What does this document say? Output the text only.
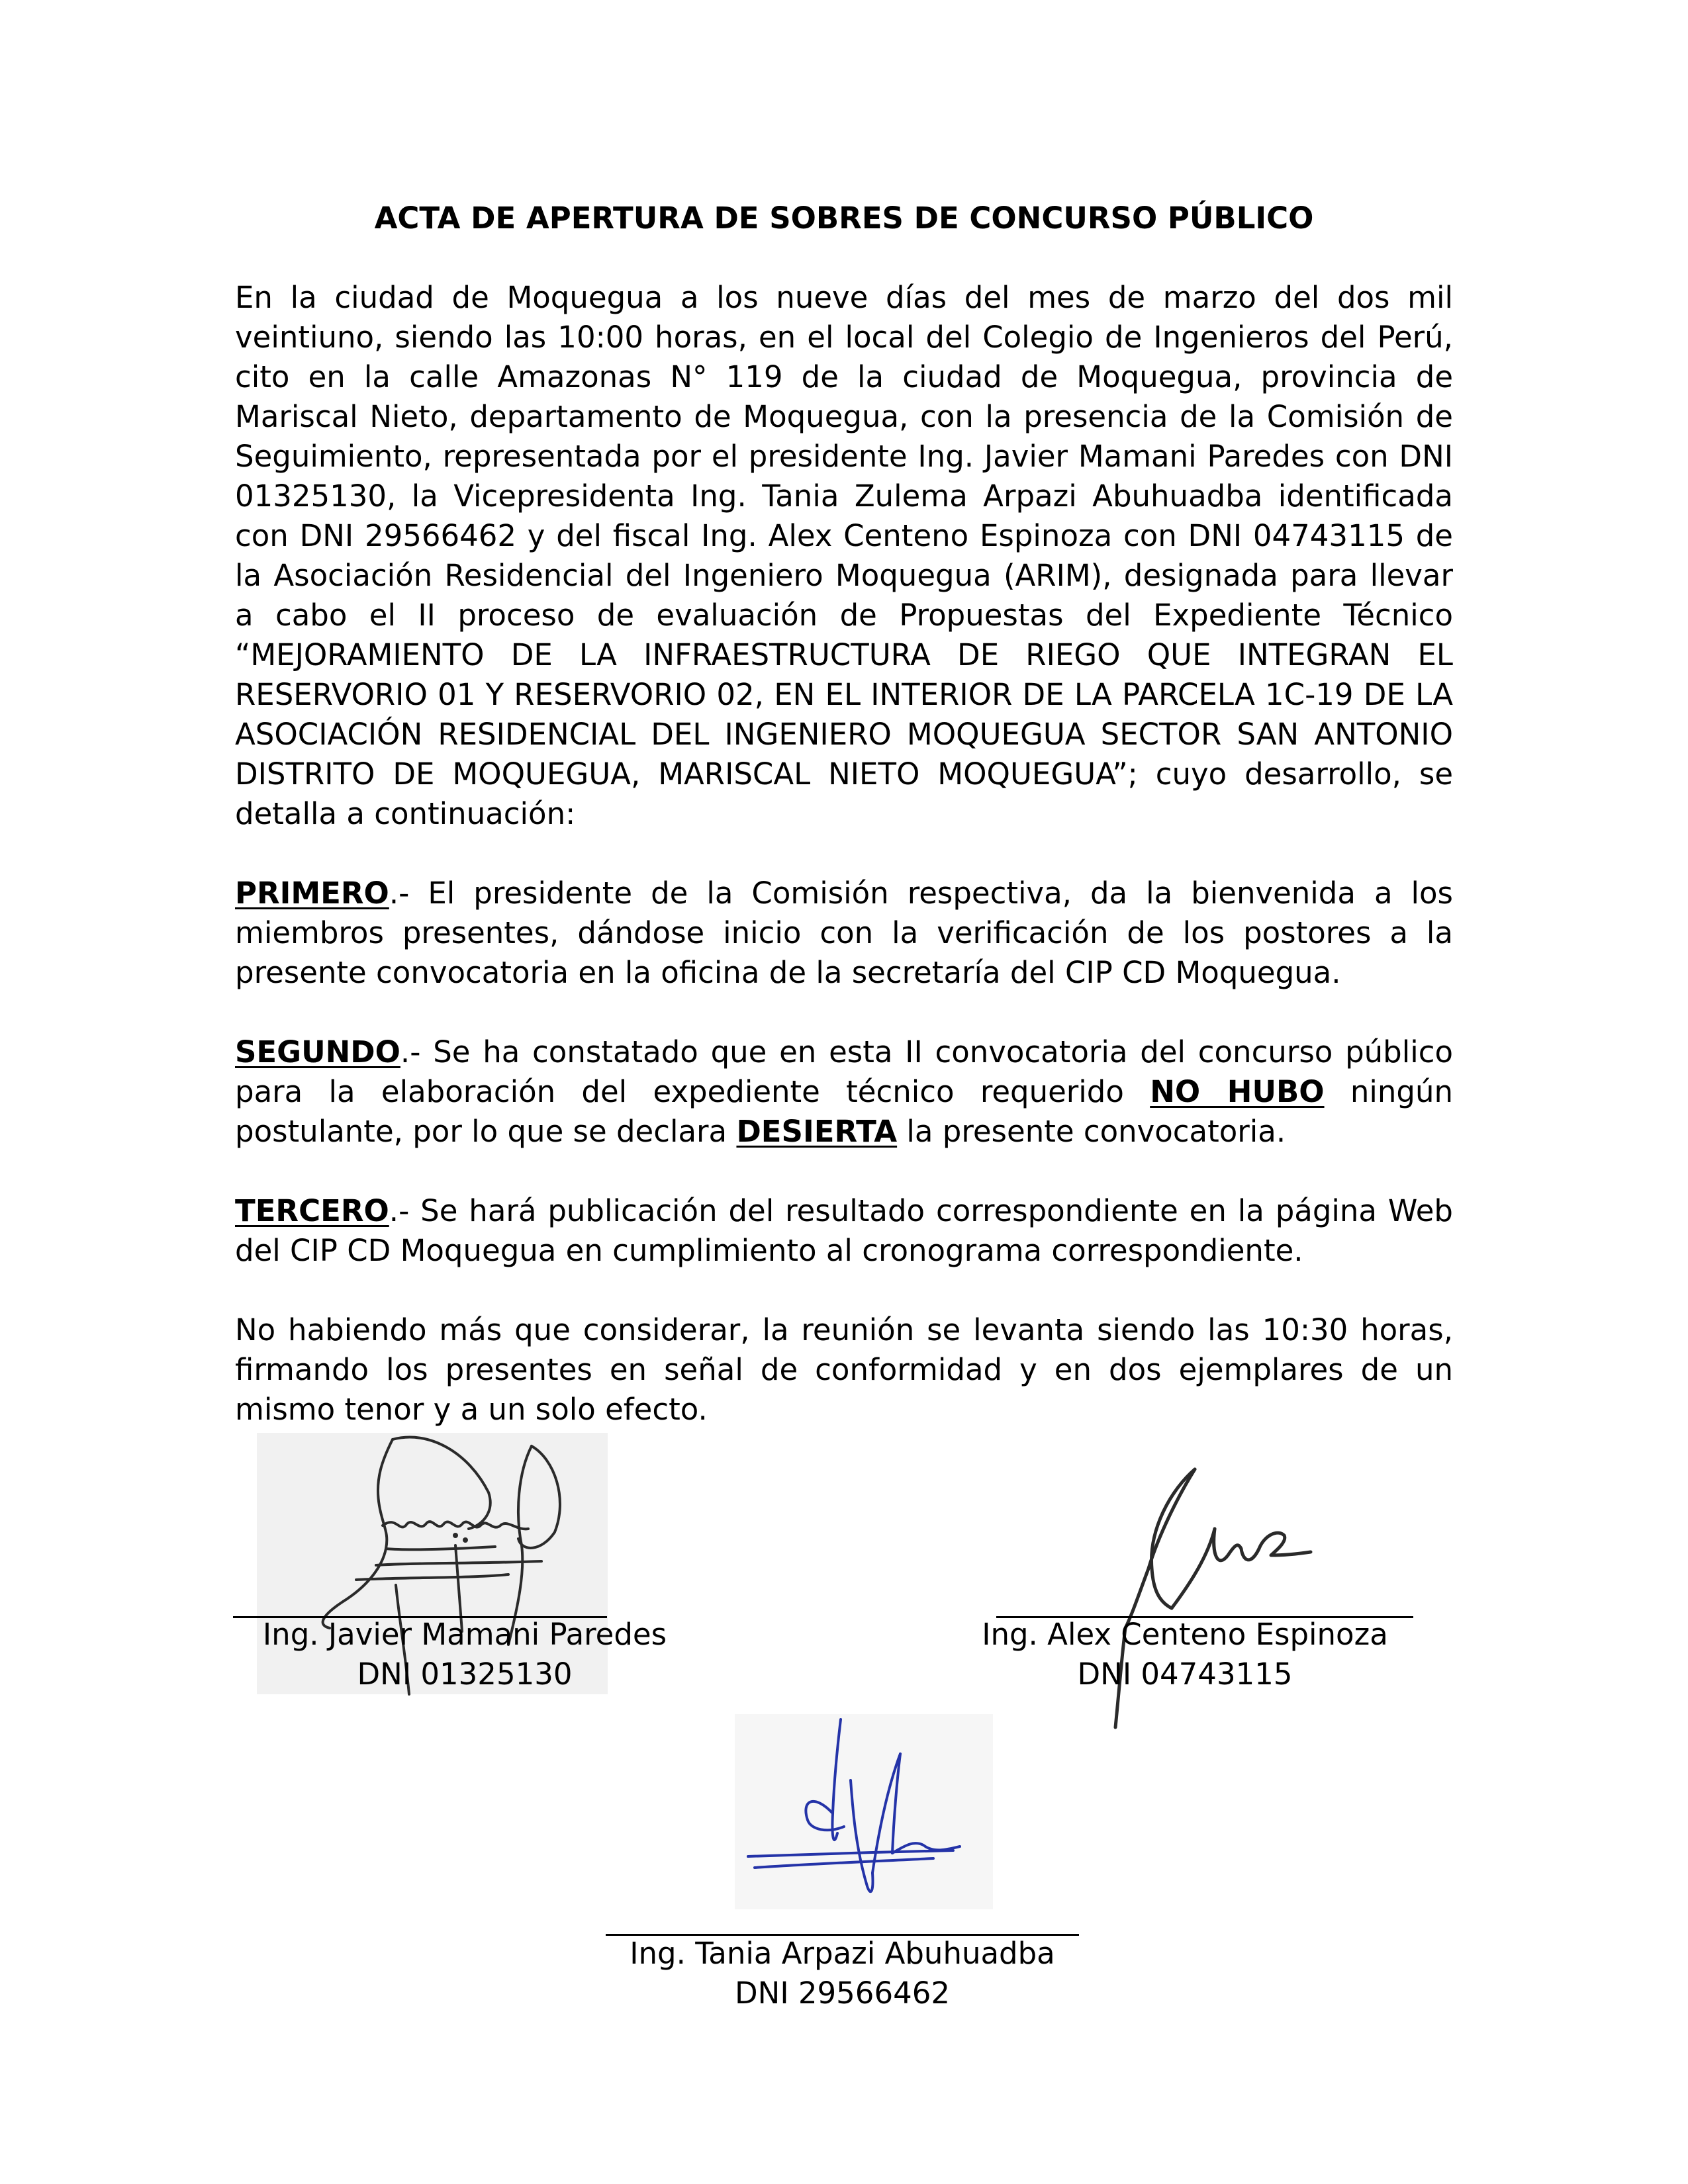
ACTA DE APERTURA DE SOBRES DE CONCURSO PÚBLICO

En la ciudad de Moquegua a los nueve días del mes de marzo del dos mil veintiuno, siendo las 10:00 horas, en el local del Colegio de Ingenieros del Perú, cito en la calle Amazonas N° 119 de la ciudad de Moquegua, provincia de Mariscal Nieto, departamento de Moquegua, con la presencia de la Comisión de Seguimiento, representada por el presidente Ing. Javier Mamani Paredes con DNI 01325130, la Vicepresidenta Ing. Tania Zulema Arpazi Abuhuadba identificada con DNI 29566462 y del fiscal Ing. Alex Centeno Espinoza con DNI 04743115 de la Asociación Residencial del Ingeniero Moquegua (ARIM), designada para llevar a cabo el II proceso de evaluación de Propuestas del Expediente Técnico “MEJORAMIENTO DE LA INFRAESTRUCTURA DE RIEGO QUE INTEGRAN EL RESERVORIO 01 Y RESERVORIO 02, EN EL INTERIOR DE LA PARCELA 1C-19 DE LA ASOCIACIÓN RESIDENCIAL DEL INGENIERO MOQUEGUA SECTOR SAN ANTONIO DISTRITO DE MOQUEGUA, MARISCAL NIETO MOQUEGUA”; cuyo desarrollo, se detalla a continuación:

PRIMERO.- El presidente de la Comisión respectiva, da la bienvenida a los miembros presentes, dándose inicio con la verificación de los postores a la presente convocatoria en la oficina de la secretaría del CIP CD Moquegua.

SEGUNDO.- Se ha constatado que en esta II convocatoria del concurso público para la elaboración del expediente técnico requerido NO HUBO ningún postulante, por lo que se declara DESIERTA la presente convocatoria.

TERCERO.- Se hará publicación del resultado correspondiente en la página Web del CIP CD Moquegua en cumplimiento al cronograma correspondiente.

No habiendo más que considerar, la reunión se levanta siendo las 10:30 horas, firmando los presentes en señal de conformidad y en dos ejemplares de un mismo tenor y a un solo efecto.

Ing. Javier Mamani Paredes
DNI 01325130
Ing. Alex Centeno Espinoza
DNI 04743115
Ing. Tania Arpazi Abuhuadba
DNI 29566462
